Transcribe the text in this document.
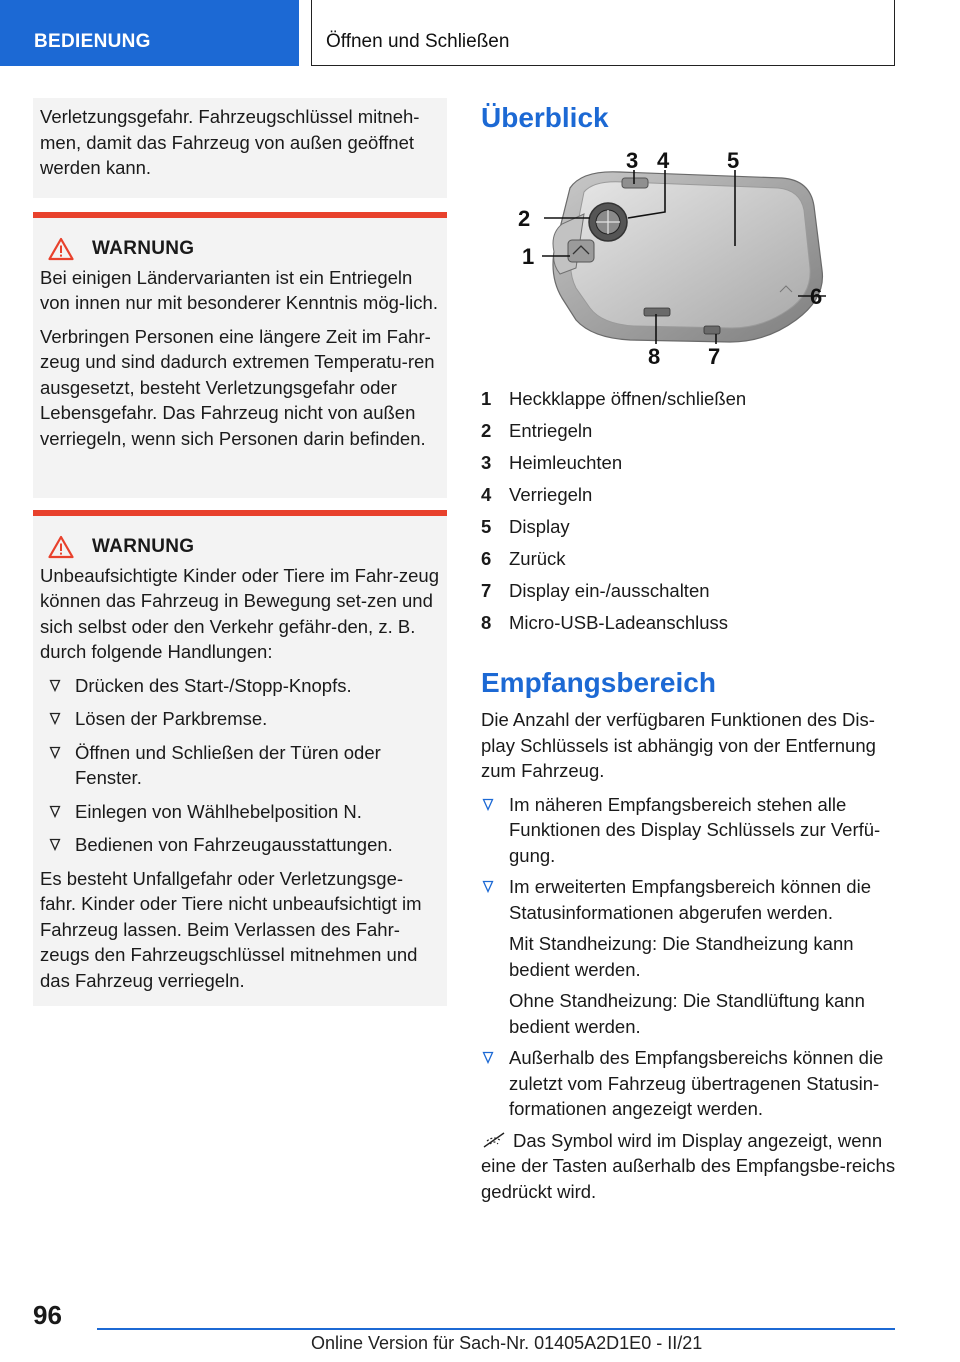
BEDIENUNG	Öffnen und Schließen
Verletzungsgefahr. Fahrzeugschlüssel mitneh-men, damit das Fahrzeug von außen geöffnet werden kann.
WARNUNG
Bei einigen Ländervarianten ist ein Entriegeln von innen nur mit besonderer Kenntnis mög-lich.
Verbringen Personen eine längere Zeit im Fahr-zeug und sind dadurch extremen Temperatu-ren ausgesetzt, besteht Verletzungsgefahr oder Lebensgefahr. Das Fahrzeug nicht von außen verriegeln, wenn sich Personen darin befinden.
WARNUNG
Unbeaufsichtigte Kinder oder Tiere im Fahr-zeug können das Fahrzeug in Bewegung set-zen und sich selbst oder den Verkehr gefähr-den, z. B. durch folgende Handlungen:
Drücken des Start-/Stopp-Knopfs.
Lösen der Parkbremse.
Öffnen und Schließen der Türen oder Fenster.
Einlegen von Wählhebelposition N.
Bedienen von Fahrzeugausstattungen.
Es besteht Unfallgefahr oder Verletzungsge-fahr. Kinder oder Tiere nicht unbeaufsichtigt im Fahrzeug lassen. Beim Verlassen des Fahr-zeugs den Fahrzeugschlüssel mitnehmen und das Fahrzeug verriegeln.
Überblick
1
2
3 4	5
6
7
8
1 Heckklappe öffnen/schließen
2 Entriegeln
3 Heimleuchten
4 Verriegeln
5 Display
6 Zurück
7 Display ein-/ausschalten
8 Micro-USB-Ladeanschluss
Empfangsbereich
Die Anzahl der verfügbaren Funktionen des Dis-play Schlüssels ist abhängig von der Entfernung zum Fahrzeug.
Im näheren Empfangsbereich stehen alle Funktionen des Display Schlüssels zur Verfü-gung.
Im erweiterten Empfangsbereich können die Statusinformationen abgerufen werden.
Mit Standheizung: Die Standheizung kann bedient werden.
Ohne Standheizung: Die Standlüftung kann bedient werden.
Außerhalb des Empfangsbereichs können die zuletzt vom Fahrzeug übertragenen Statusin-formationen angezeigt werden.
Das Symbol wird im Display angezeigt, wenn eine der Tasten außerhalb des Empfangsbe-reichs gedrückt wird.
96
Online Version für Sach-Nr. 01405A2D1E0 - II/21
